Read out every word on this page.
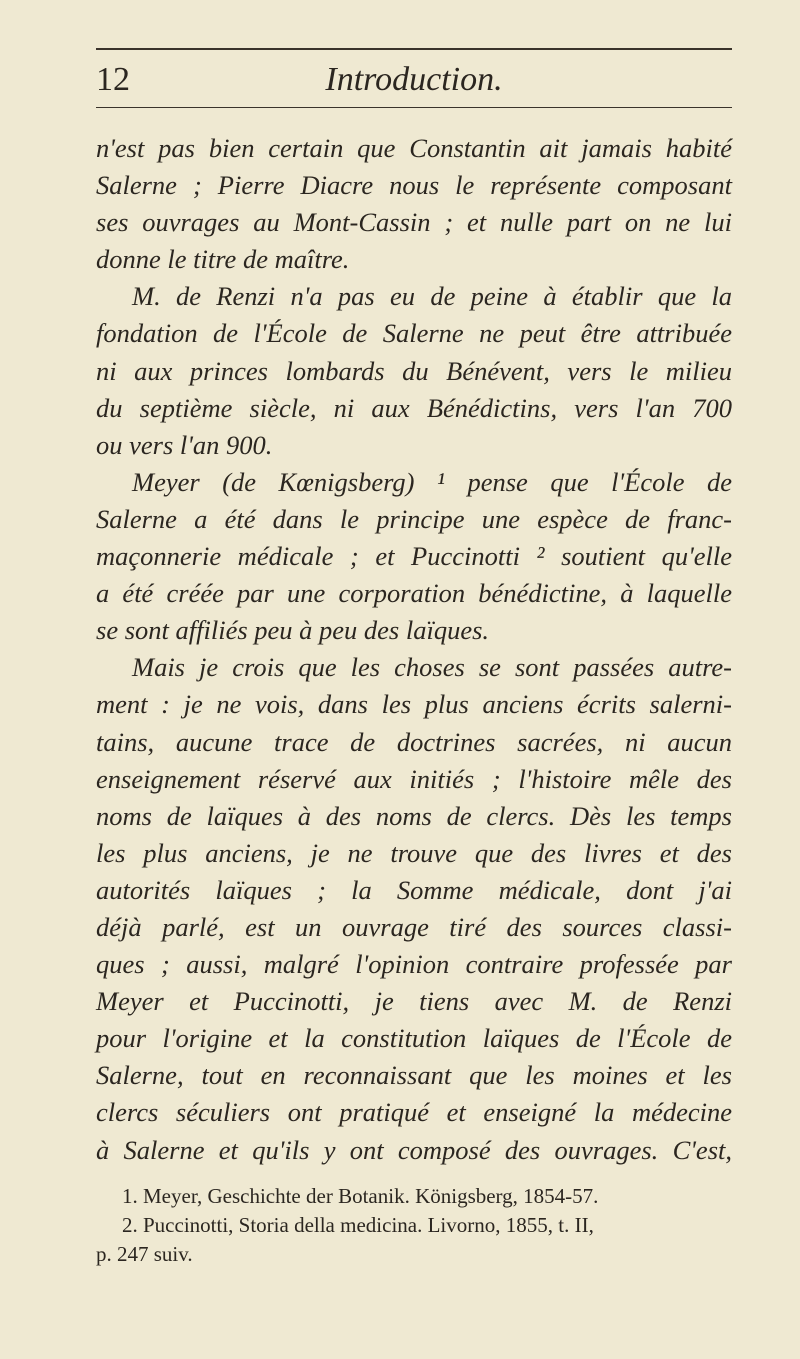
12	Introduction.
n'est pas bien certain que Constantin ait jamais habité
Salerne ; Pierre Diacre nous le représente composant
ses ouvrages au Mont-Cassin ; et nulle part on ne lui
donne le titre de maître.
M. de Renzi n'a pas eu de peine à établir que la
fondation de l'École de Salerne ne peut être attribuée
ni aux princes lombards du Bénévent, vers le milieu
du septième siècle, ni aux Bénédictins, vers l'an 700
ou vers l'an 900.
Meyer (de Kœnigsberg) ¹ pense que l'École de
Salerne a été dans le principe une espèce de franc-
maçonnerie médicale ; et Puccinotti ² soutient qu'elle
a été créée par une corporation bénédictine, à laquelle
se sont affiliés peu à peu des laïques.
Mais je crois que les choses se sont passées autre-
ment : je ne vois, dans les plus anciens écrits salerni-
tains, aucune trace de doctrines sacrées, ni aucun
enseignement réservé aux initiés ; l'histoire mêle des
noms de laïques à des noms de clercs. Dès les temps
les plus anciens, je ne trouve que des livres et des
autorités laïques ; la Somme médicale, dont j'ai
déjà parlé, est un ouvrage tiré des sources classi-
ques ; aussi, malgré l'opinion contraire professée par
Meyer et Puccinotti, je tiens avec M. de Renzi
pour l'origine et la constitution laïques de l'École de
Salerne, tout en reconnaissant que les moines et les
clercs séculiers ont pratiqué et enseigné la médecine
à Salerne et qu'ils y ont composé des ouvrages. C'est,
1. Meyer, Geschichte der Botanik. Königsberg, 1854-57.
2. Puccinotti, Storia della medicina. Livorno, 1855, t. II,
p. 247 suiv.
